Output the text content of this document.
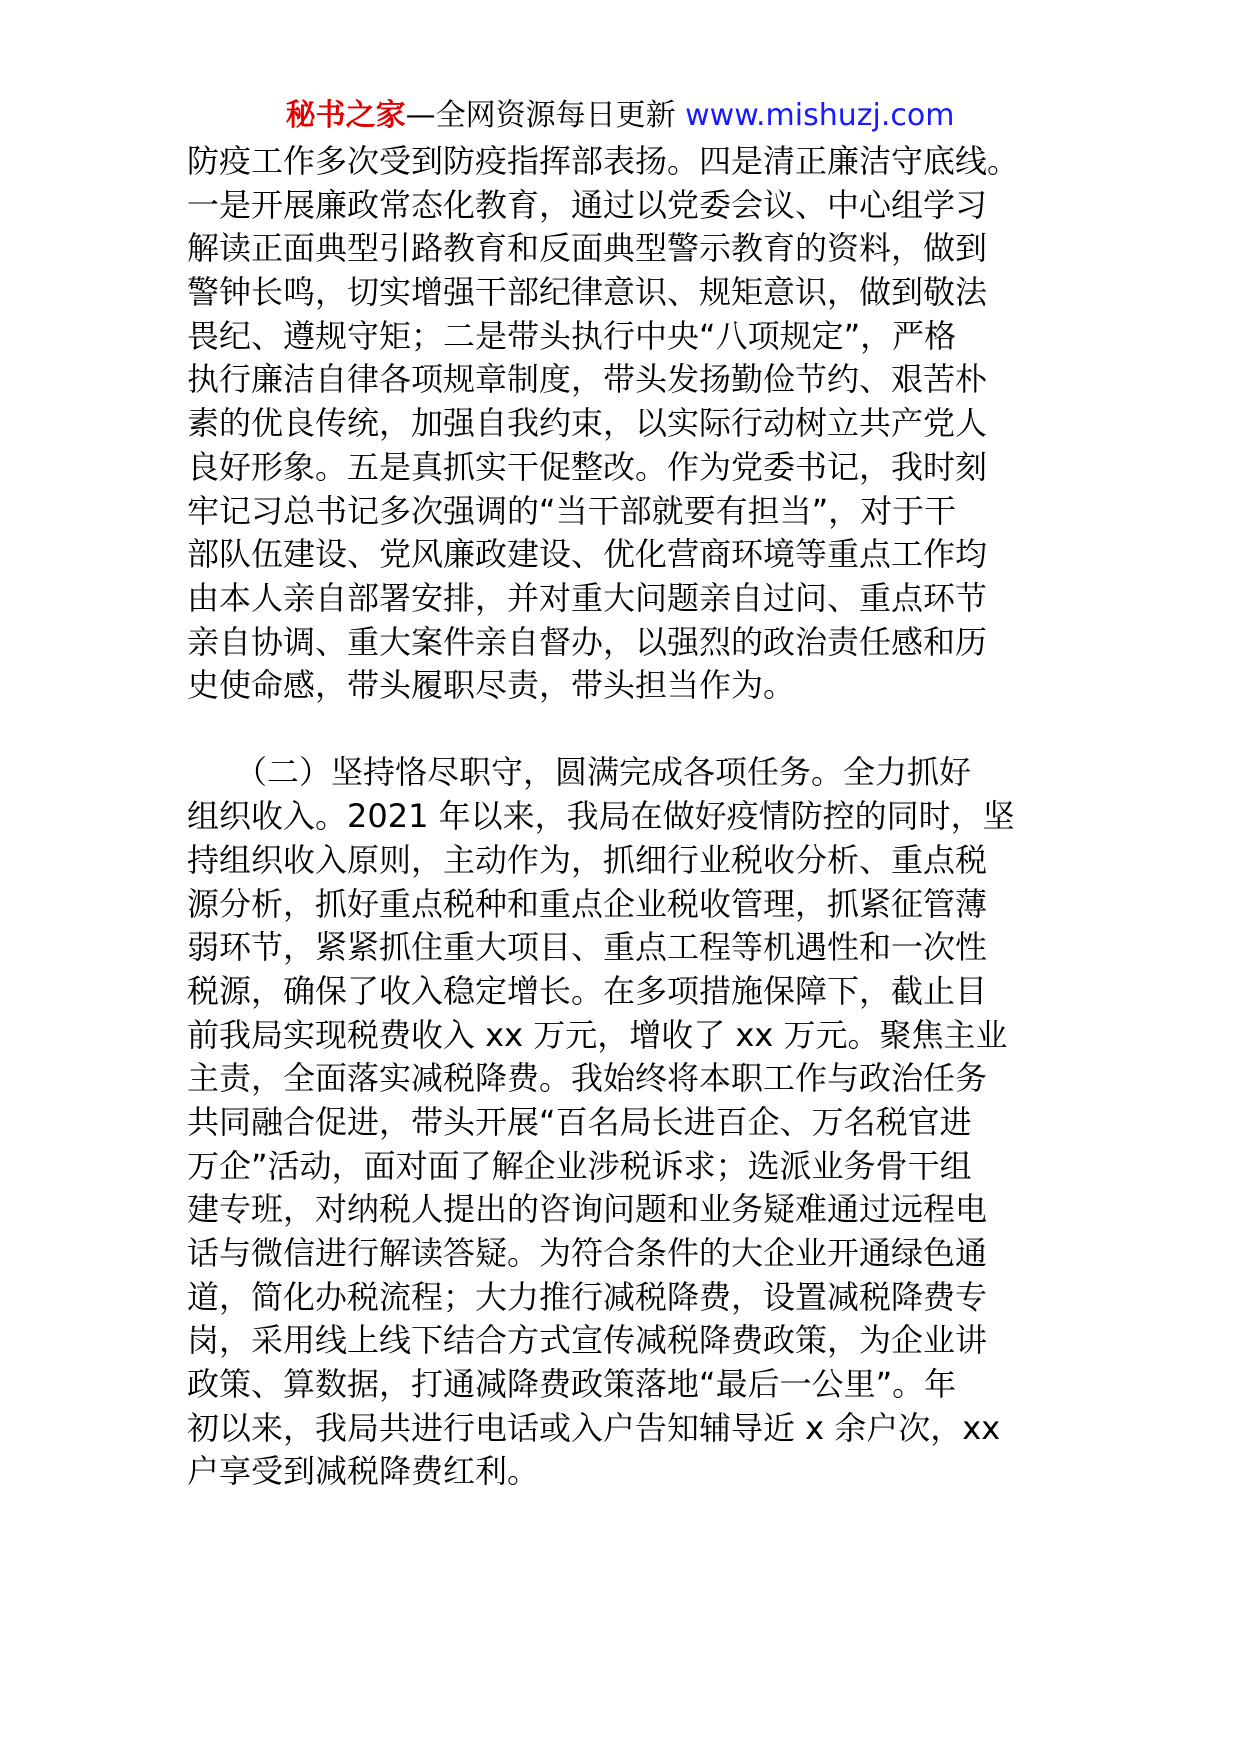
秘书之家—全网资源每日更新 www.mishuzj.com
防疫工作多次受到防疫指挥部表扬。四是清正廉洁守底线。
一是开展廉政常态化教育，通过以党委会议、中心组学习
解读正面典型引路教育和反面典型警示教育的资料，做到
警钟长鸣，切实增强干部纪律意识、规矩意识，做到敬法
畏纪、遵规守矩；二是带头执行中央“八项规定”，严格
执行廉洁自律各项规章制度，带头发扬勤俭节约、艰苦朴
素的优良传统，加强自我约束，以实际行动树立共产党人
良好形象。五是真抓实干促整改。作为党委书记，我时刻
牢记习总书记多次强调的“当干部就要有担当”，对于干
部队伍建设、党风廉政建设、优化营商环境等重点工作均
由本人亲自部署安排，并对重大问题亲自过问、重点环节
亲自协调、重大案件亲自督办，以强烈的政治责任感和历
史使命感，带头履职尽责，带头担当作为。
　　（二）坚持恪尽职守，圆满完成各项任务。全力抓好
组织收入。2021 年以来，我局在做好疫情防控的同时，坚
持组织收入原则，主动作为，抓细行业税收分析、重点税
源分析，抓好重点税种和重点企业税收管理，抓紧征管薄
弱环节，紧紧抓住重大项目、重点工程等机遇性和一次性
税源，确保了收入稳定增长。在多项措施保障下，截止目
前我局实现税费收入 xx 万元，增收了 xx 万元。聚焦主业
主责，全面落实减税降费。我始终将本职工作与政治任务
共同融合促进，带头开展“百名局长进百企、万名税官进
万企”活动，面对面了解企业涉税诉求；选派业务骨干组
建专班，对纳税人提出的咨询问题和业务疑难通过远程电
话与微信进行解读答疑。为符合条件的大企业开通绿色通
道，简化办税流程；大力推行减税降费，设置减税降费专
岗，采用线上线下结合方式宣传减税降费政策，为企业讲
政策、算数据，打通减降费政策落地“最后一公里”。年
初以来，我局共进行电话或入户告知辅导近 x 余户次，xx
户享受到减税降费红利。
